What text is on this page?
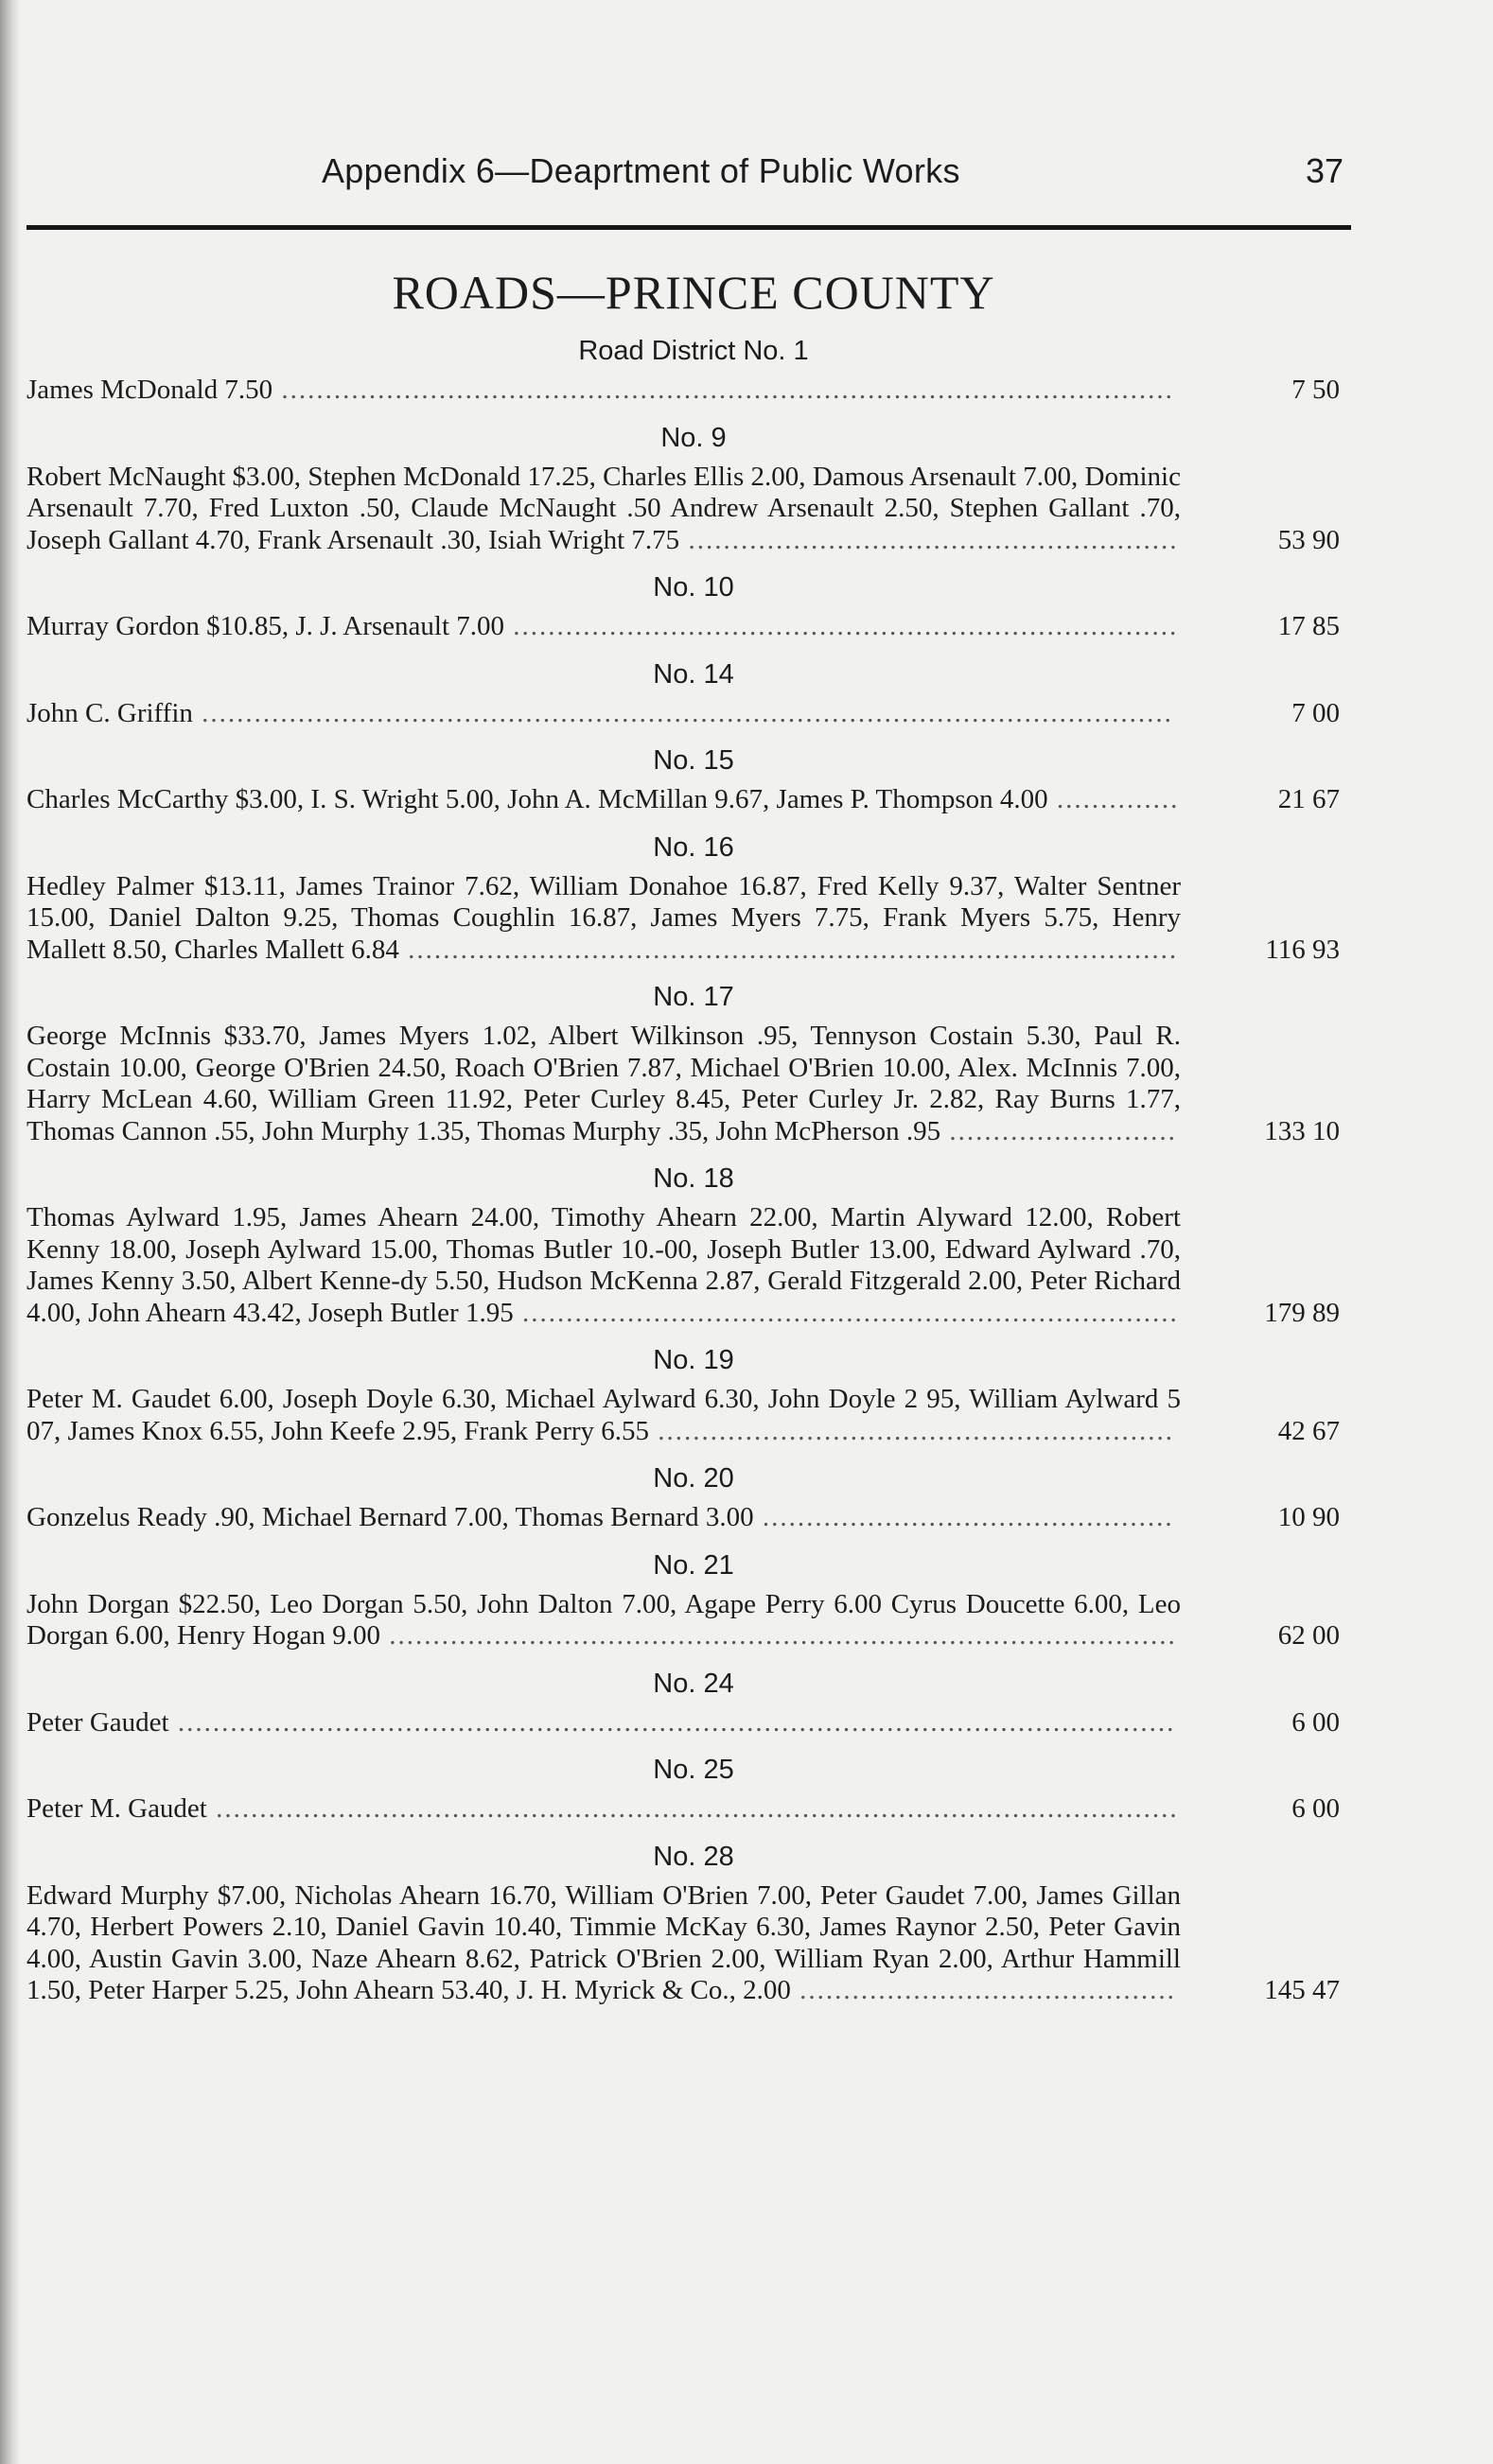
Appendix 6—Deaprtment of Public Works	37
ROADS—PRINCE COUNTY
Road District No. 1
James McDonald 7.50 ......................................................................................................	7 50
No. 9
Robert McNaught $3.00, Stephen McDonald 17.25, Charles Ellis 2.00, Damous Arsenault 7.00, Dominic Arsenault 7.70, Fred Luxton .50, Claude McNaught .50 Andrew Arsenault 2.50, Stephen Gallant .70, Joseph Gallant 4.70, Frank Arsenault .30, Isiah Wright 7.75 ........................................................	53 90
No. 10
Murray Gordon $10.85, J. J. Arsenault 7.00 ............................................................................	17 85
No. 14
John C. Griffin ...............................................................................................................	7 00
No. 15
Charles McCarthy $3.00, I. S. Wright 5.00, John A. McMillan 9.67, James P. Thompson 4.00 ..............	21 67
No. 16
Hedley Palmer $13.11, James Trainor 7.62, William Donahoe 16.87, Fred Kelly 9.37, Walter Sentner 15.00, Daniel Dalton 9.25, Thomas Coughlin 16.87, James Myers 7.75, Frank Myers 5.75, Henry Mallett 8.50, Charles Mallett 6.84 ........................................................................................	116 93
No. 17
George McInnis $33.70, James Myers 1.02, Albert Wilkinson .95, Tennyson Costain 5.30, Paul R. Costain 10.00, George O'Brien 24.50, Roach O'Brien 7.87, Michael O'Brien 10.00, Alex. McInnis 7.00, Harry McLean 4.60, William Green 11.92, Peter Curley 8.45, Peter Curley Jr. 2.82, Ray Burns 1.77, Thomas Cannon .55, John Murphy 1.35, Thomas Murphy .35, John McPherson .95 ..........................	133 10
No. 18
Thomas Aylward 1.95, James Ahearn 24.00, Timothy Ahearn 22.00, Martin Alyward 12.00, Robert Kenny 18.00, Joseph Aylward 15.00, Thomas Butler 10.-00, Joseph Butler 13.00, Edward Aylward .70, James Kenny 3.50, Albert Kenne-dy 5.50, Hudson McKenna 2.87, Gerald Fitzgerald 2.00, Peter Richard 4.00, John Ahearn 43.42, Joseph Butler 1.95 ...........................................................................	179 89
No. 19
Peter M. Gaudet 6.00, Joseph Doyle 6.30, Michael Aylward 6.30, John Doyle 2 95, William Aylward 5 07, James Knox 6.55, John Keefe 2.95, Frank Perry 6.55 ...........................................................	42 67
No. 20
Gonzelus Ready .90, Michael Bernard 7.00, Thomas Bernard 3.00 ...............................................	10 90
No. 21
John Dorgan $22.50, Leo Dorgan 5.50, John Dalton 7.00, Agape Perry 6.00 Cyrus Doucette 6.00, Leo Dorgan 6.00, Henry Hogan 9.00 ..........................................................................................	62 00
No. 24
Peter Gaudet ..................................................................................................................	6 00
No. 25
Peter M. Gaudet ..............................................................................................................	6 00
No. 28
Edward Murphy $7.00, Nicholas Ahearn 16.70, William O'Brien 7.00, Peter Gaudet 7.00, James Gillan 4.70, Herbert Powers 2.10, Daniel Gavin 10.40, Timmie McKay 6.30, James Raynor 2.50, Peter Gavin 4.00, Austin Gavin 3.00, Naze Ahearn 8.62, Patrick O'Brien 2.00, William Ryan 2.00, Arthur Hammill 1.50, Peter Harper 5.25, John Ahearn 53.40, J. H. Myrick & Co., 2.00 ...........................................	145 47
